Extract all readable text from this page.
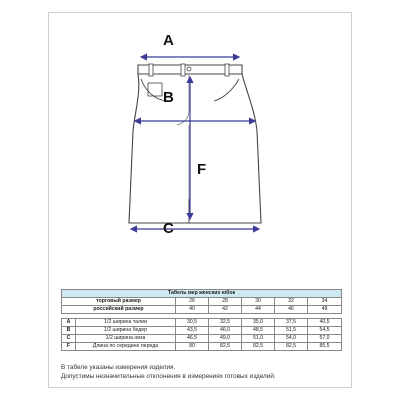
A
B
F
C
Табель мер женских юбок						
торговый размер		26	28	30	32	34
российский размер		40	42	44	46	48

A	1/2 ширина талии	30,5	32,5	35,0	37,5	40,5
B	1/2 ширина бедер	43,5	46,0	48,5	51,5	54,5
C	1/2 ширина низа	46,5	49,0	51,0	54,0	57,0
F	Длина по середине переда	80	82,5	82,5	82,5	85,5
В табеле указаны измерения изделия.
Допустимы незначительные отклонения в измерениях готовых изделий.
